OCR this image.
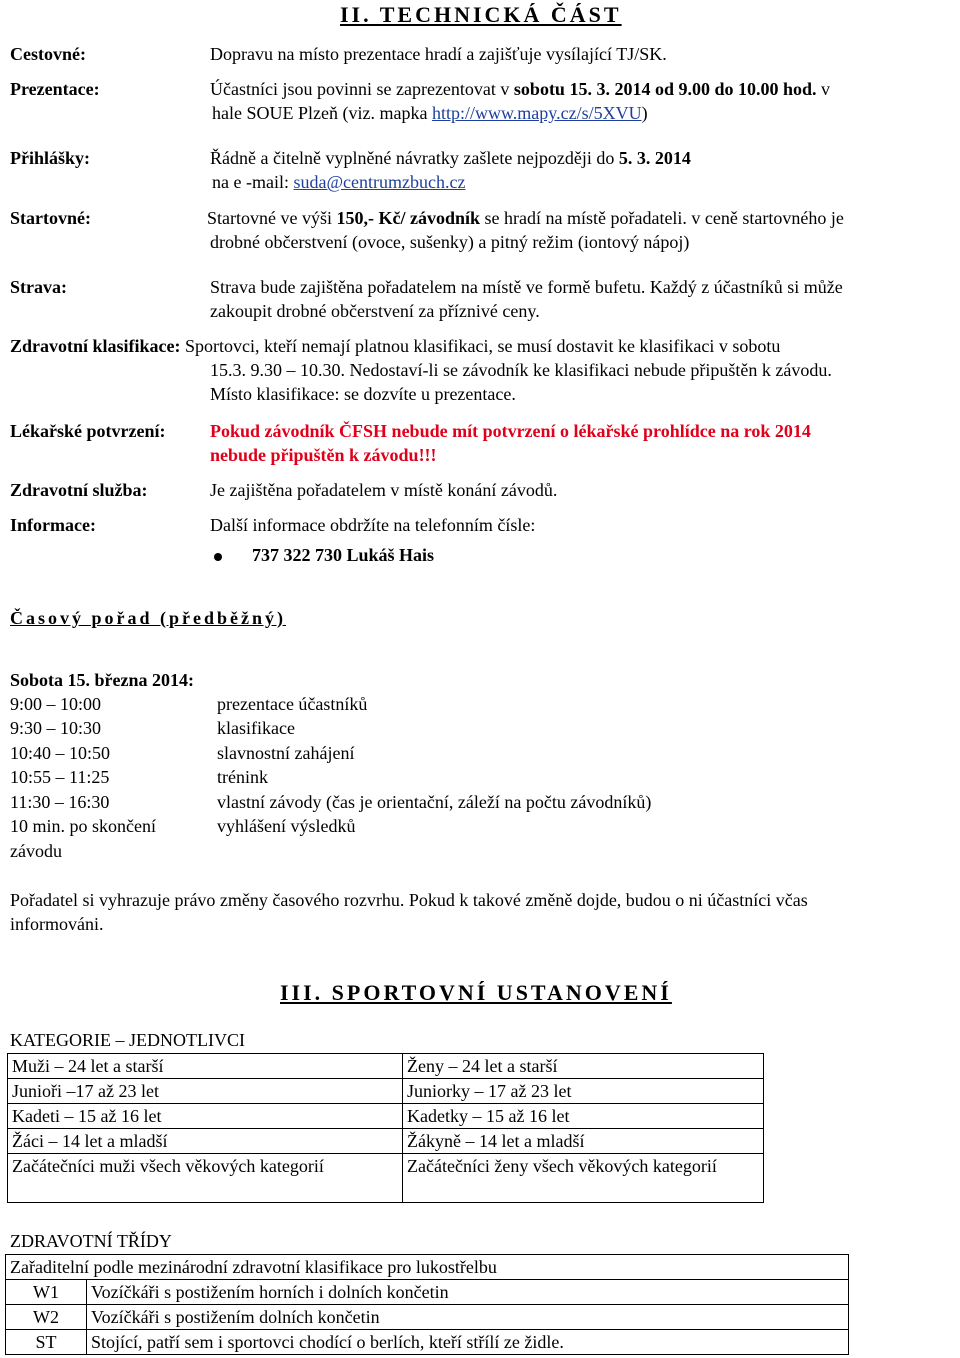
II. TECHNICKÁ ČÁST
Cestovné:	Dopravu na místo prezentace hradí a zajišťuje vysílající TJ/SK.
Prezentace:	Účastníci jsou povinni se zaprezentovat v sobotu 15. 3. 2014 od 9.00 do 10.00 hod. v
hale SOUE Plzeň (viz. mapka http://www.mapy.cz/s/5XVU)
Přihlášky:	Řádně a čitelně vyplněné návratky zašlete nejpozději do 5. 3. 2014
na e -mail: suda@centrumzbuch.cz
Startovné:	Startovné ve výši 150,- Kč/ závodník se hradí na místě pořadateli. v ceně startovného je
drobné občerstvení (ovoce, sušenky) a pitný režim (iontový nápoj)
Strava:	Strava bude zajištěna pořadatelem na místě ve formě bufetu. Každý z účastníků si může
zakoupit drobné občerstvení za příznivé ceny.
Zdravotní klasifikace: Sportovci, kteří nemají platnou klasifikaci, se musí dostavit ke klasifikaci v sobotu
15.3. 9.30 – 10.30. Nedostaví-li se závodník ke klasifikaci nebude připuštěn k závodu.
Místo klasifikace: se dozvíte u prezentace.
Lékařské potvrzení: Pokud závodník ČFSH nebude mít potvrzení o lékařské prohlídce na rok 2014
nebude připuštěn k závodu!!!
Zdravotní služba:	Je zajištěna pořadatelem v místě konání závodů.
Informace:	Další informace obdržíte na telefonním čísle:
737 322 730 Lukáš Hais
Časový pořad (předběžný)
Sobota 15. března 2014:
9:00 – 10:00	prezentace účastníků
9:30 – 10:30	klasifikace
10:40 – 10:50	slavnostní zahájení
10:55 – 11:25	trénink
11:30 – 16:30	vlastní závody (čas je orientační, záleží na počtu závodníků)
10 min. po skončení	vyhlášení výsledků
závodu
Pořadatel si vyhrazuje právo změny časového rozvrhu. Pokud k takové změně dojde, budou o ni účastníci včas
informováni.
III. SPORTOVNÍ USTANOVENÍ
KATEGORIE – JEDNOTLIVCI
Muži – 24 let a starší	Ženy – 24 let a starší
Junioři –17 až 23 let	Juniorky – 17 až 23 let
Kadeti – 15 až 16 let	Kadetky – 15 až 16 let
Žáci – 14 let a mladší	Žákyně – 14 let a mladší
Začátečníci muži všech věkových kategorií	Začátečníci ženy všech věkových kategorií
ZDRAVOTNÍ TŘÍDY
Zařaditelní podle mezinárodní zdravotní klasifikace pro lukostřelbu	
W1	Vozíčkáři s postižením horních i dolních končetin
W2	Vozíčkáři s postižením dolních končetin
ST	Stojící, patří sem i sportovci chodící o berlích, kteří střílí ze židle.
